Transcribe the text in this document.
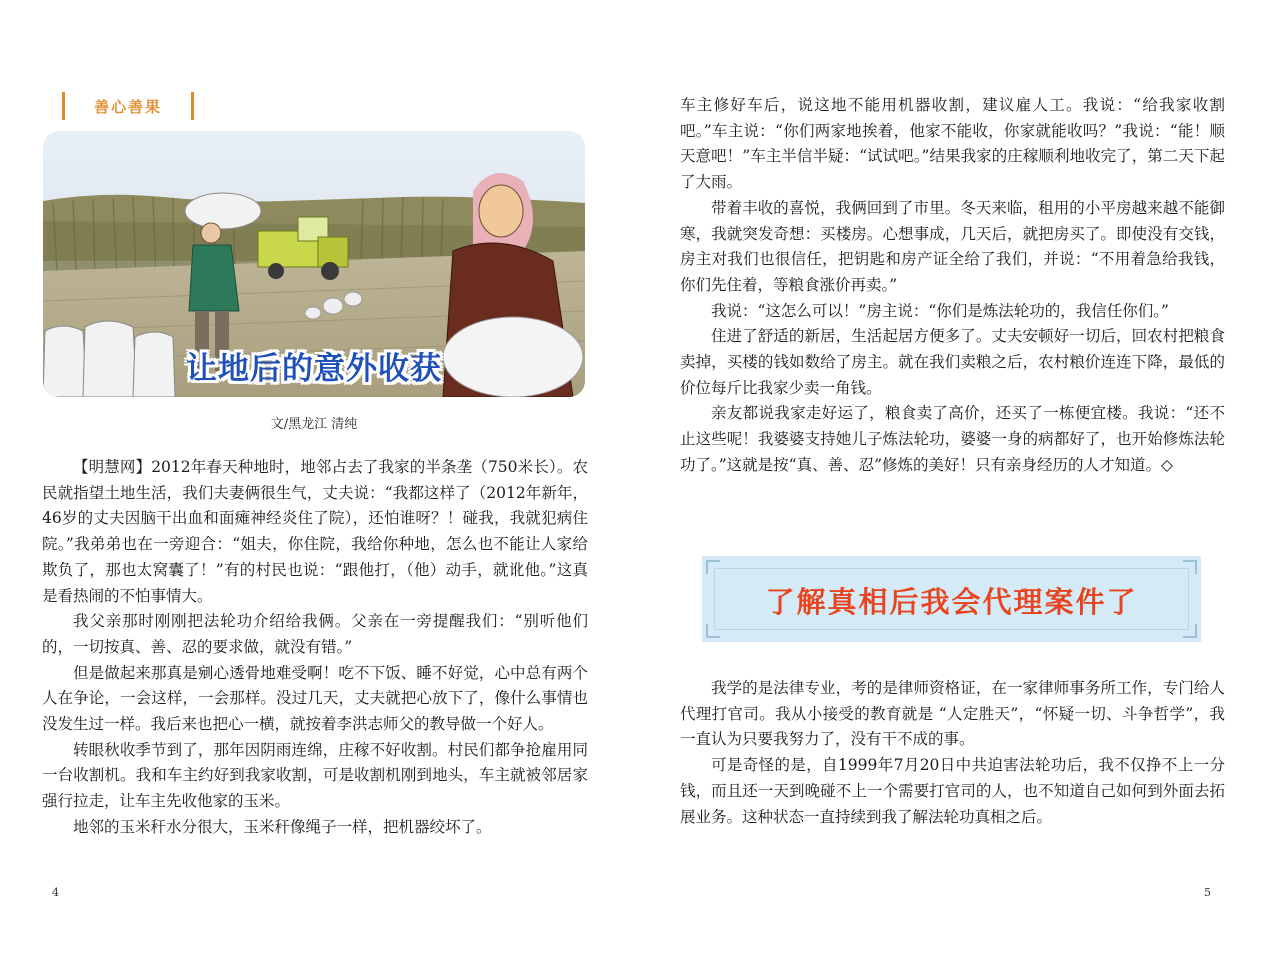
善心善果
让地后的意外收获
文/黑龙江 清纯

【明慧网】2012年春天种地时，地邻占去了我家的半条垄（750米长）。农民就指望土地生活，我们夫妻俩很生气，丈夫说：“我都这样了（2012年新年，46岁的丈夫因脑干出血和面瘫神经炎住了院），还怕谁呀？！碰我，我就犯病住院。”我弟弟也在一旁迎合：“姐夫，你住院，我给你种地，怎么也不能让人家给欺负了，那也太窝囊了！”有的村民也说：“跟他打，（他）动手，就讹他。”这真是看热闹的不怕事情大。

我父亲那时刚刚把法轮功介绍给我俩。父亲在一旁提醒我们：“别听他们的，一切按真、善、忍的要求做，就没有错。”

但是做起来那真是剜心透骨地难受啊！吃不下饭、睡不好觉，心中总有两个人在争论，一会这样，一会那样。没过几天，丈夫就把心放下了，像什么事情也没发生过一样。我后来也把心一横，就按着李洪志师父的教导做一个好人。

转眼秋收季节到了，那年因阴雨连绵，庄稼不好收割。村民们都争抢雇用同一台收割机。我和车主约好到我家收割，可是收割机刚到地头，车主就被邻居家强行拉走，让车主先收他家的玉米。

地邻的玉米秆水分很大，玉米秆像绳子一样，把机器绞坏了。

4

车主修好车后，说这地不能用机器收割，建议雇人工。我说：“给我家收割吧。”车主说：“你们两家地挨着，他家不能收，你家就能收吗？”我说：“能！顺天意吧！”车主半信半疑：“试试吧。”结果我家的庄稼顺利地收完了，第二天下起了大雨。

带着丰收的喜悦，我俩回到了市里。冬天来临，租用的小平房越来越不能御寒，我就突发奇想：买楼房。心想事成，几天后，就把房买了。即使没有交钱，房主对我们也很信任，把钥匙和房产证全给了我们，并说：“不用着急给我钱，你们先住着，等粮食涨价再卖。”

我说：“这怎么可以！”房主说：“你们是炼法轮功的，我信任你们。”

住进了舒适的新居，生活起居方便多了。丈夫安顿好一切后，回农村把粮食卖掉，买楼的钱如数给了房主。就在我们卖粮之后，农村粮价连连下降，最低的价位每斤比我家少卖一角钱。

亲友都说我家走好运了，粮食卖了高价，还买了一栋便宜楼。我说：“还不止这些呢！我婆婆支持她儿子炼法轮功，婆婆一身的病都好了，也开始修炼法轮功了。”这就是按“真、善、忍”修炼的美好！只有亲身经历的人才知道。◇

了解真相后我会代理案件了

我学的是法律专业，考的是律师资格证，在一家律师事务所工作，专门给人代理打官司。我从小接受的教育就是 “人定胜天”，“怀疑一切、斗争哲学”，我一直认为只要我努力了，没有干不成的事。

可是奇怪的是，自1999年7月20日中共迫害法轮功后，我不仅挣不上一分钱，而且还一天到晚碰不上一个需要打官司的人，也不知道自己如何到外面去拓展业务。这种状态一直持续到我了解法轮功真相之后。

5
